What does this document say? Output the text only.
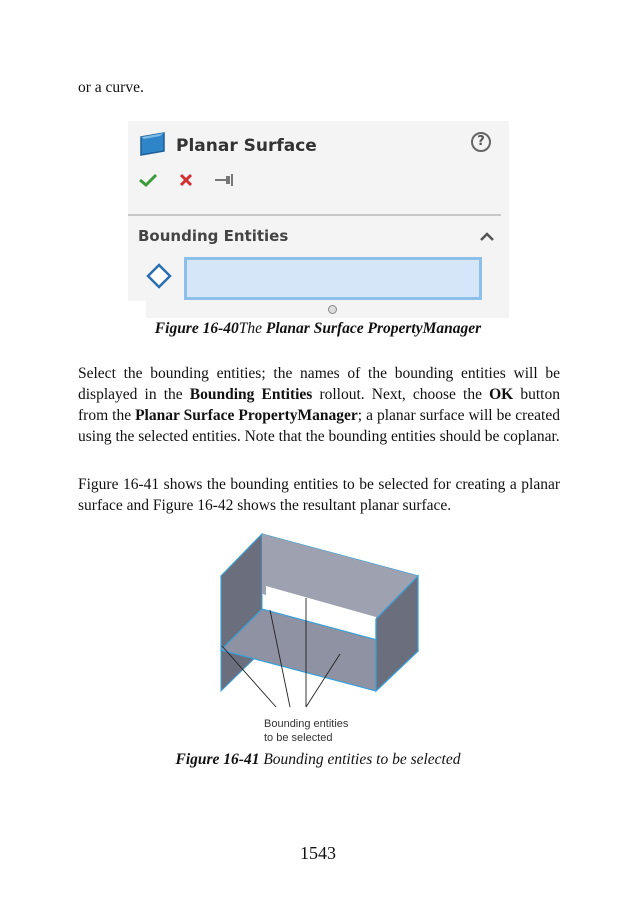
or a curve.

Planar Surface	?
Bounding Entities
Figure 16-40The Planar Surface PropertyManager

Select the bounding entities; the names of the bounding entities will be displayed in the Bounding Entities rollout. Next, choose the OK button from the Planar Surface PropertyManager; a planar surface will be created using the selected entities. Note that the bounding entities should be coplanar.

Figure 16-41 shows the bounding entities to be selected for creating a planar surface and Figure 16-42 shows the resultant planar surface.

Bounding entities
to be selected
Figure 16-41 Bounding entities to be selected
1543
